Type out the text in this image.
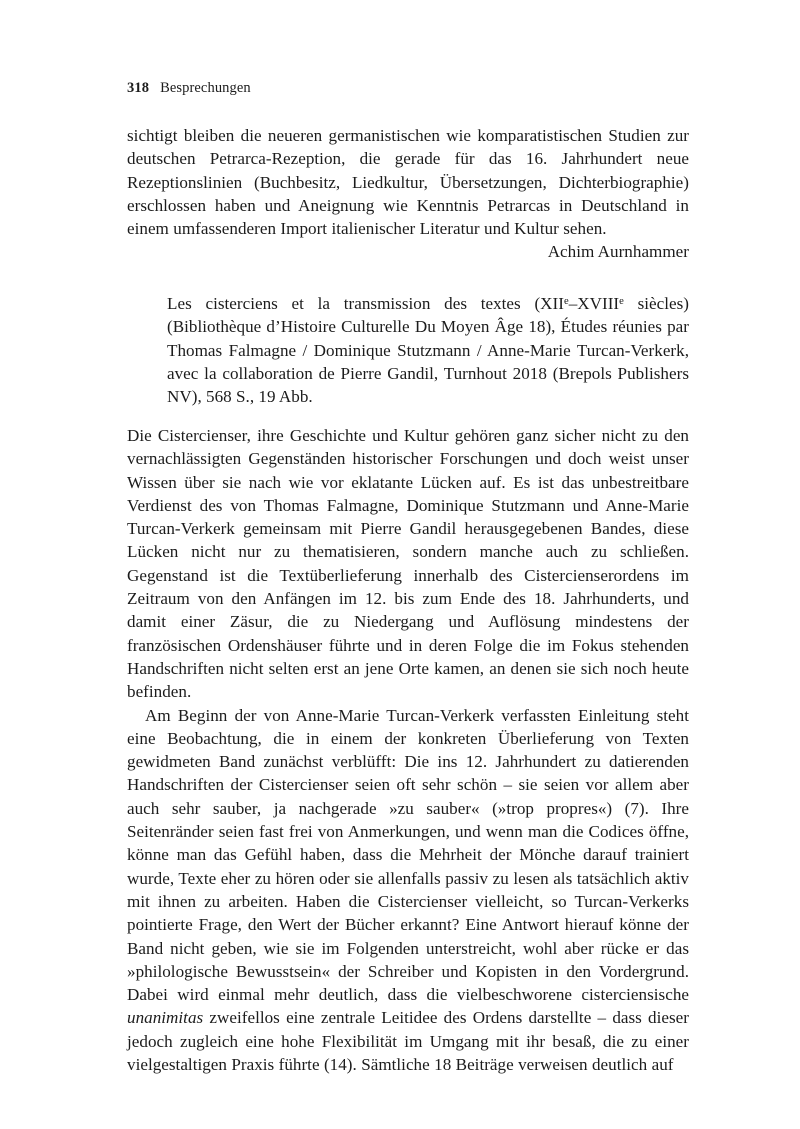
318 Besprechungen

sichtigt bleiben die neueren germanistischen wie komparatistischen Studien zur deutschen Petrarca-Rezeption, die gerade für das 16. Jahrhundert neue Rezeptionslinien (Buchbesitz, Liedkultur, Übersetzungen, Dichterbiographie) erschlossen haben und Aneignung wie Kenntnis Petrarcas in Deutschland in einem umfassenderen Import italienischer Literatur und Kultur sehen.

Achim Aurnhammer

Les cisterciens et la transmission des textes (XIIe–XVIIIe siècles) (Bibliothèque d’Histoire Culturelle Du Moyen Âge 18), Études réunies par Thomas Falmagne / Dominique Stutzmann / Anne-Marie Turcan-Verkerk, avec la collaboration de Pierre Gandil, Turnhout 2018 (Brepols Publishers NV), 568 S., 19 Abb.

Die Cistercienser, ihre Geschichte und Kultur gehören ganz sicher nicht zu den vernachlässigten Gegenständen historischer Forschungen und doch weist unser Wissen über sie nach wie vor eklatante Lücken auf. Es ist das unbestreitbare Verdienst des von Thomas Falmagne, Dominique Stutzmann und Anne-Marie Turcan-Verkerk gemeinsam mit Pierre Gandil herausgegebenen Bandes, diese Lücken nicht nur zu thematisieren, sondern manche auch zu schließen. Gegenstand ist die Textüberlieferung innerhalb des Cistercienserordens im Zeitraum von den Anfängen im 12. bis zum Ende des 18. Jahrhunderts, und damit einer Zäsur, die zu Niedergang und Auflösung mindestens der französischen Ordenshäuser führte und in deren Folge die im Fokus stehenden Handschriften nicht selten erst an jene Orte kamen, an denen sie sich noch heute befinden.

Am Beginn der von Anne-Marie Turcan-Verkerk verfassten Einleitung steht eine Beobachtung, die in einem der konkreten Überlieferung von Texten gewidmeten Band zunächst verblüfft: Die ins 12. Jahrhundert zu datierenden Handschriften der Cistercienser seien oft sehr schön – sie seien vor allem aber auch sehr sauber, ja nachgerade »zu sauber« (»trop propres«) (7). Ihre Seitenränder seien fast frei von Anmerkungen, und wenn man die Codices öffne, könne man das Gefühl haben, dass die Mehrheit der Mönche darauf trainiert wurde, Texte eher zu hören oder sie allenfalls passiv zu lesen als tatsächlich aktiv mit ihnen zu arbeiten. Haben die Cistercienser vielleicht, so Turcan-Verkerks pointierte Frage, den Wert der Bücher erkannt? Eine Antwort hierauf könne der Band nicht geben, wie sie im Folgenden unterstreicht, wohl aber rücke er das »philologische Bewusstsein« der Schreiber und Kopisten in den Vordergrund. Dabei wird einmal mehr deutlich, dass die vielbeschworene cisterciensische unanimitas zweifellos eine zentrale Leitidee des Ordens darstellte – dass dieser jedoch zugleich eine hohe Flexibilität im Umgang mit ihr besaß, die zu einer vielgestaltigen Praxis führte (14). Sämtliche 18 Beiträge verweisen deutlich auf
